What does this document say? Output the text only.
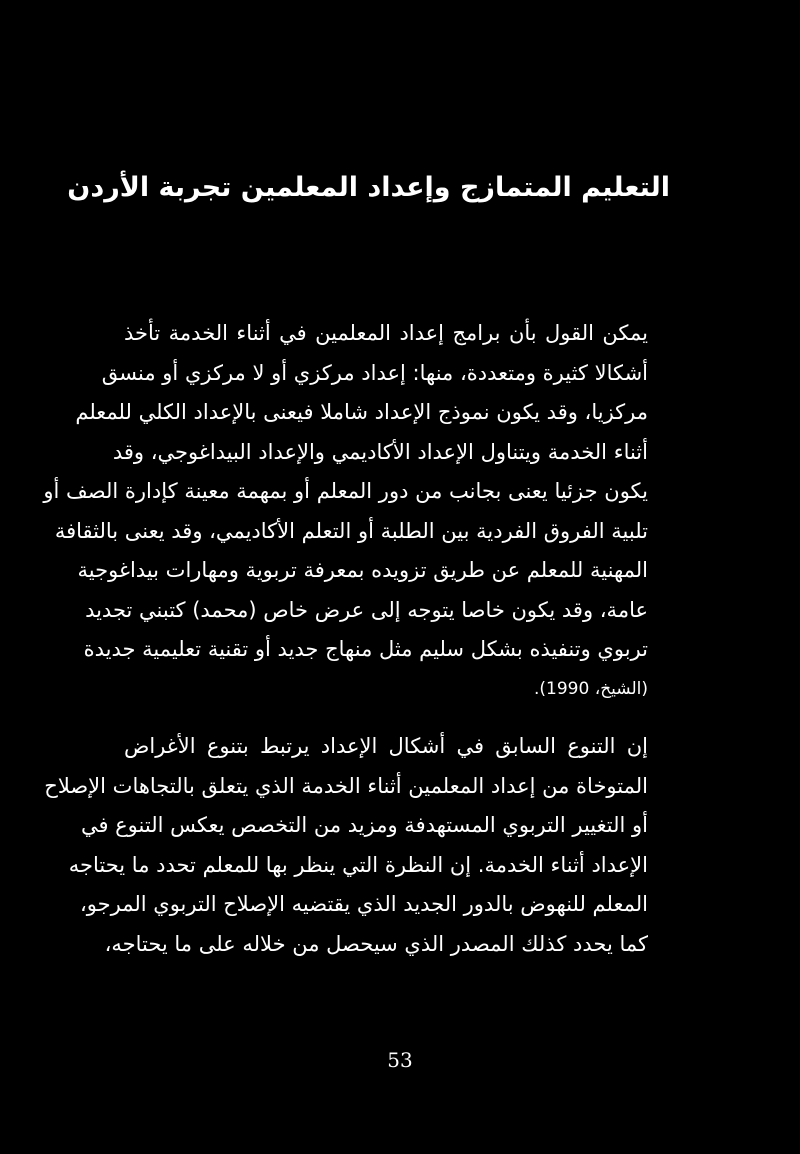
التعليم المتمازج وإعداد المعلمين تجربة الأردن
يمكن القول بأن برامج إعداد المعلمين في أثناء الخدمة تأخذ
أشكالا كثيرة ومتعددة، منها: إعداد مركزي أو لا مركزي أو منسق
مركزيا، وقد يكون نموذج الإعداد شاملا فيعنى بالإعداد الكلي للمعلم
أثناء الخدمة ويتناول الإعداد الأكاديمي والإعداد البيداغوجي، وقد
يكون جزئيا يعنى بجانب من دور المعلم أو بمهمة معينة كإدارة الصف أو
تلبية الفروق الفردية بين الطلبة أو التعلم الأكاديمي، وقد يعنى بالثقافة
المهنية للمعلم عن طريق تزويده بمعرفة تربوية ومهارات بيداغوجية
عامة، وقد يكون خاصا يتوجه إلى عرض خاص (محمد) كتبني تجديد
تربوي وتنفيذه بشكل سليم مثل منهاج جديد أو تقنية تعليمية جديدة
(الشيخ، 1990).
إن التنوع السابق في أشكال الإعداد يرتبط بتنوع الأغراض
المتوخاة من إعداد المعلمين أثناء الخدمة الذي يتعلق بالتجاهات الإصلاح
أو التغيير التربوي المستهدفة ومزيد من التخصص يعكس التنوع في
الإعداد أثناء الخدمة. إن النظرة التي ينظر بها للمعلم تحدد ما يحتاجه
المعلم للنهوض بالدور الجديد الذي يقتضيه الإصلاح التربوي المرجو،
كما يحدد كذلك المصدر الذي سيحصل من خلاله على ما يحتاجه،
53
